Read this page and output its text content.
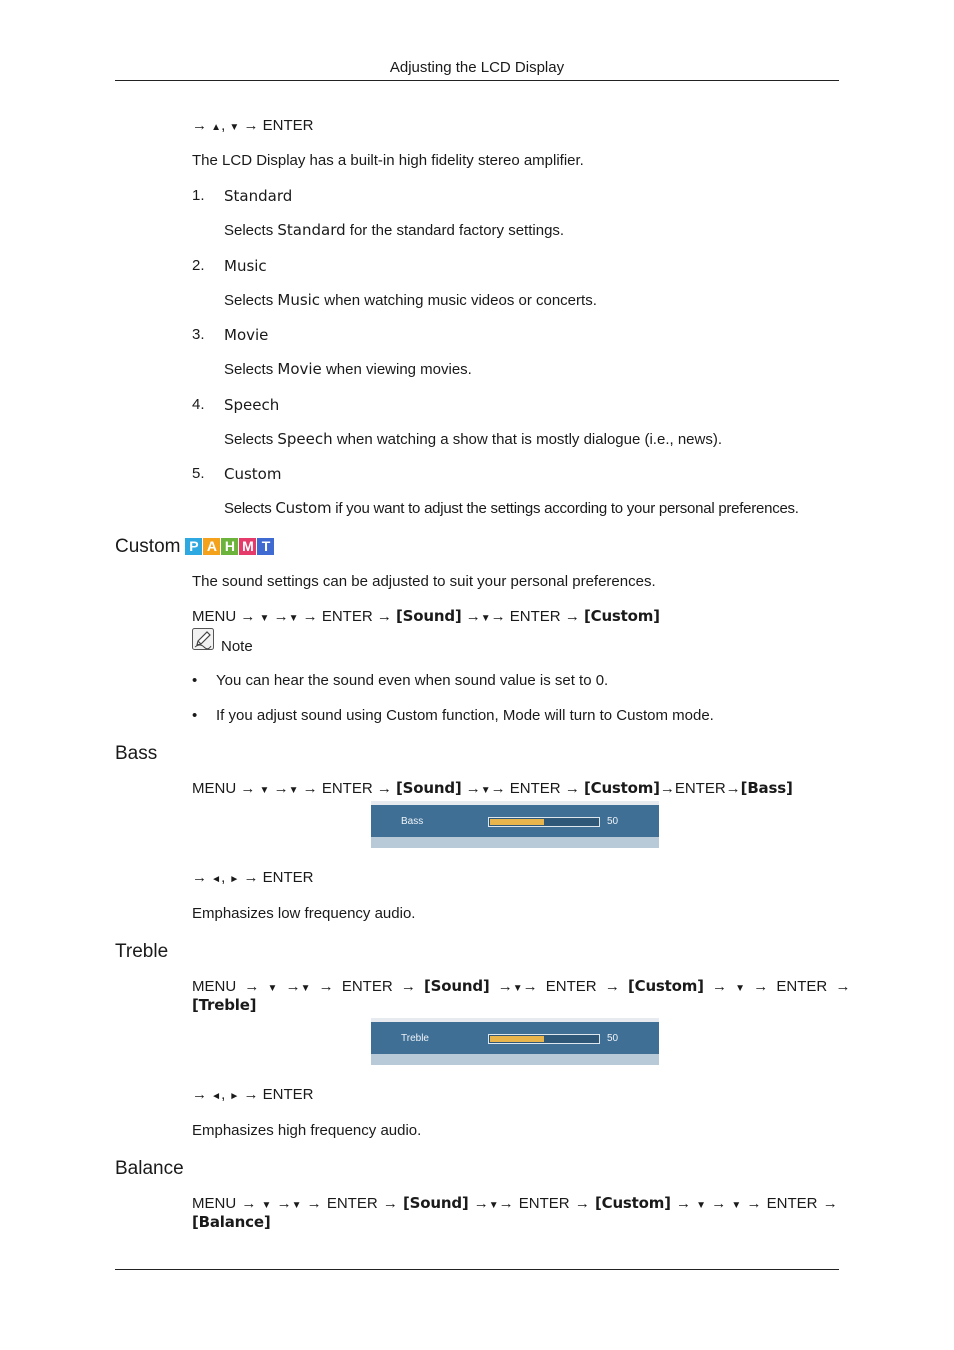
Adjusting the LCD Display
→ ▲, ▼ → ENTER
The LCD Display has a built-in high fidelity stereo amplifier.
1. Standard
Selects Standard for the standard factory settings.
2. Music
Selects Music when watching music videos or concerts.
3. Movie
Selects Movie when viewing movies.
4. Speech
Selects Speech when watching a show that is mostly dialogue (i.e., news).
5. Custom
Selects Custom if you want to adjust the settings according to your personal preferences.
Custom P A H M T
The sound settings can be adjusted to suit your personal preferences.
MENU → ▼ →▼ → ENTER → [Sound] →▼→ ENTER → [Custom]
Note
• You can hear the sound even when sound value is set to 0.
• If you adjust sound using Custom function, Mode will turn to Custom mode.
Bass
MENU → ▼ →▼ → ENTER → [Sound] →▼→ ENTER → [Custom]→ENTER→[Bass]
Bass	50
⇕ Move	⇔ Adjust	↺ Return
→ ◄, ► → ENTER
Emphasizes low frequency audio.
Treble
MENU → ▼ →▼ → ENTER → [Sound] →▼→ ENTER → [Custom] → ▼ → ENTER →
[Treble]
Treble	50
⇕ Move	⇔ Adjust	↺ Return
→ ◄, ► → ENTER
Emphasizes high frequency audio.
Balance
MENU → ▼ →▼ → ENTER → [Sound] →▼→ ENTER → [Custom] → ▼ → ▼ → ENTER →
[Balance]
